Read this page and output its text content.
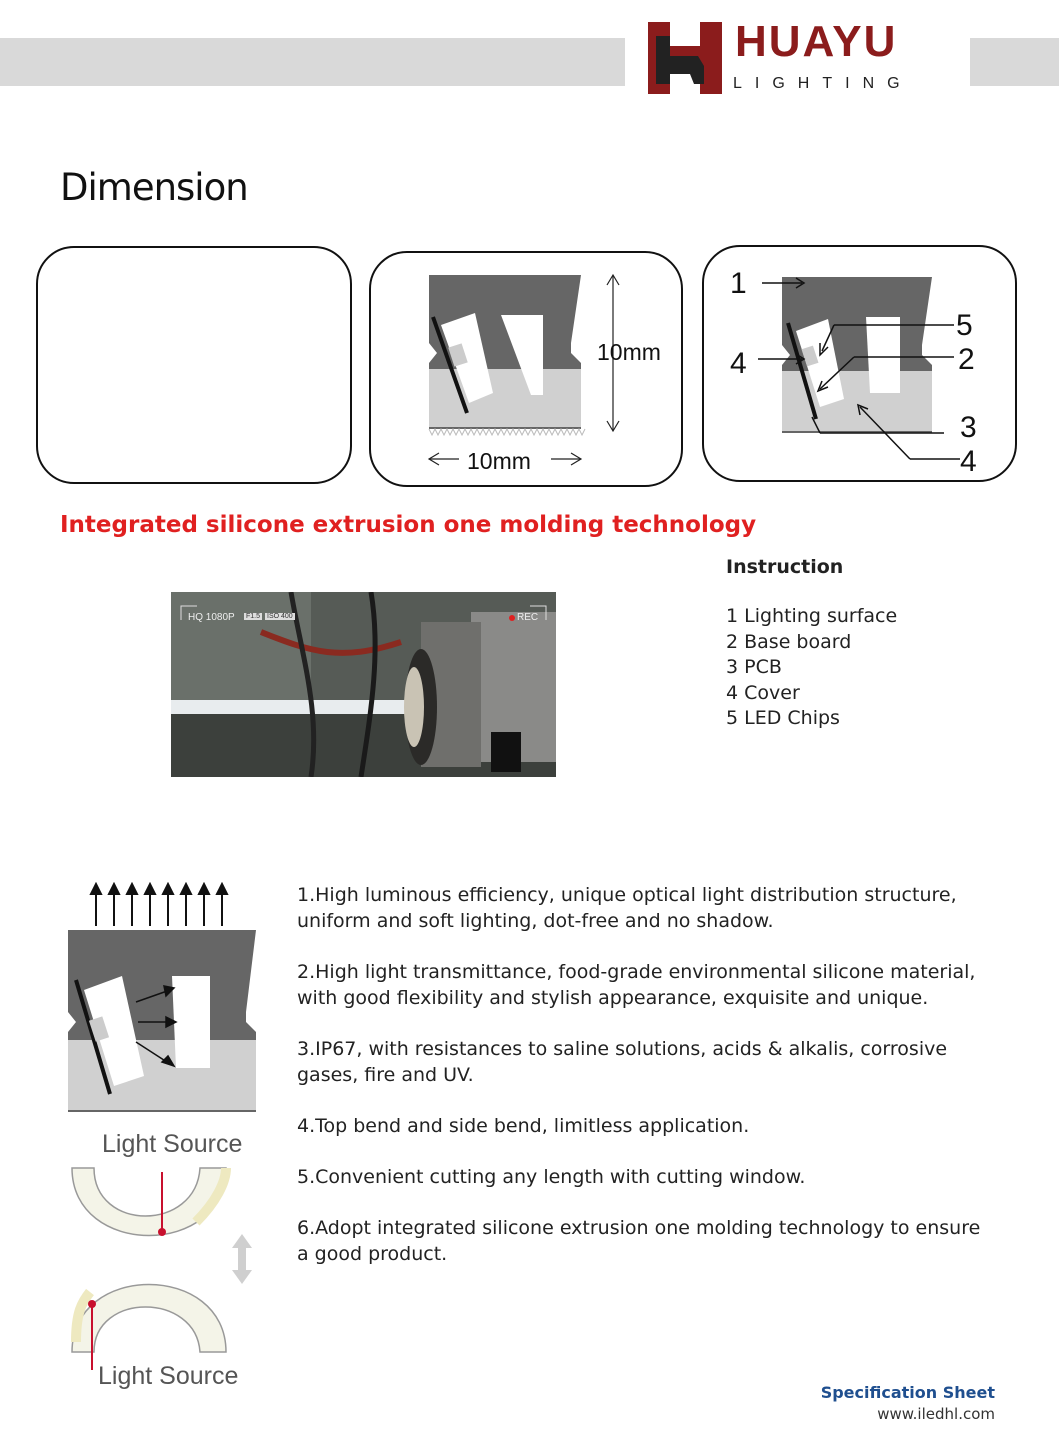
HUAYU
LIGHTING
Dimension
10mm
10mm
1
5
2
4
3
4
Integrated silicone extrusion one molding technology
HQ 1080P F1.5 ISO 400	REC
Instruction
1 Lighting surface
2 Base board
3 PCB
4 Cover
5 LED Chips
Light Source
Light Source

1.High luminous efficiency, unique optical light distribution structure, uniform and soft lighting, dot-free and no shadow.

2.High light transmittance, food-grade environmental silicone material, with good flexibility and stylish appearance, exquisite and unique.

3.IP67, with resistances to saline solutions, acids & alkalis, corrosive gases, fire and UV.

4.Top bend and side bend, limitless application.

5.Convenient cutting any length with cutting window.

6.Adopt integrated silicone extrusion one molding technology to ensure a good product.

Specification Sheet
www.iledhl.com
